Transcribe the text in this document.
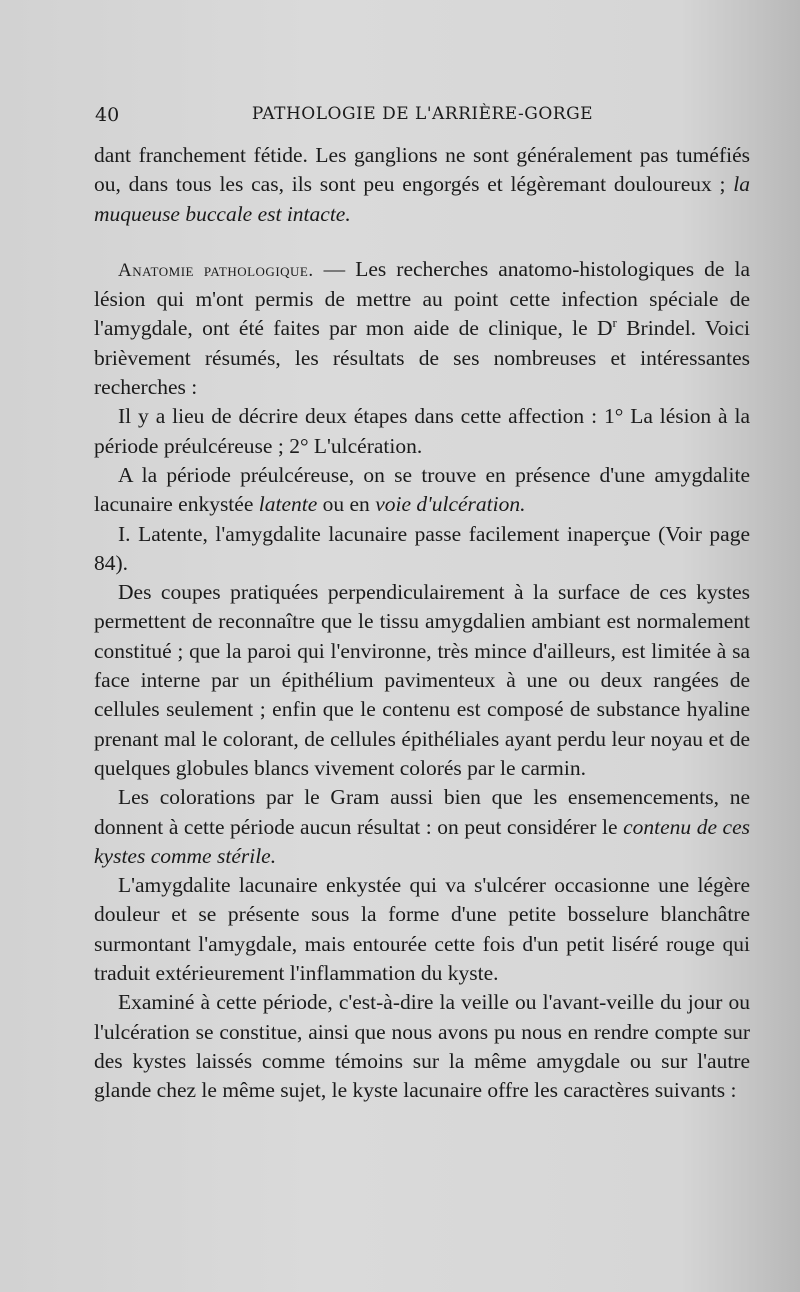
40	PATHOLOGIE DE L'ARRIÈRE-GORGE

dant franchement fétide. Les ganglions ne sont généralement pas tuméfiés ou, dans tous les cas, ils sont peu engorgés et légèremant douloureux ; la muqueuse buccale est intacte.

Anatomie pathologique. — Les recherches anatomo-histologiques de la lésion qui m'ont permis de mettre au point cette infection spéciale de l'amygdale, ont été faites par mon aide de clinique, le $D^r$ Brindel. Voici brièvement résumés, les résultats de ses nombreuses et intéressantes recherches :

Il y a lieu de décrire deux étapes dans cette affection : 1° La lésion à la période préulcéreuse ; 2° L'ulcération.

A la période préulcéreuse, on se trouve en présence d'une amygdalite lacunaire enkystée latente ou en voie d'ulcération.

I. Latente, l'amygdalite lacunaire passe facilement inaperçue (Voir page 84).

Des coupes pratiquées perpendiculairement à la surface de ces kystes permettent de reconnaître que le tissu amygdalien ambiant est normalement constitué ; que la paroi qui l'environne, très mince d'ailleurs, est limitée à sa face interne par un épithélium pavimenteux à une ou deux rangées de cellules seulement ; enfin que le contenu est composé de substance hyaline prenant mal le colorant, de cellules épithéliales ayant perdu leur noyau et de quelques globules blancs vivement colorés par le carmin.

Les colorations par le Gram aussi bien que les ensemencements, ne donnent à cette période aucun résultat : on peut considérer le contenu de ces kystes comme stérile.

L'amygdalite lacunaire enkystée qui va s'ulcérer occasionne une légère douleur et se présente sous la forme d'une petite bosselure blanchâtre surmontant l'amygdale, mais entourée cette fois d'un petit liséré rouge qui traduit extérieurement l'inflammation du kyste.

Examiné à cette période, c'est-à-dire la veille ou l'avant-veille du jour ou l'ulcération se constitue, ainsi que nous avons pu nous en rendre compte sur des kystes laissés comme témoins sur la même amygdale ou sur l'autre glande chez le même sujet, le kyste lacunaire offre les caractères suivants :
